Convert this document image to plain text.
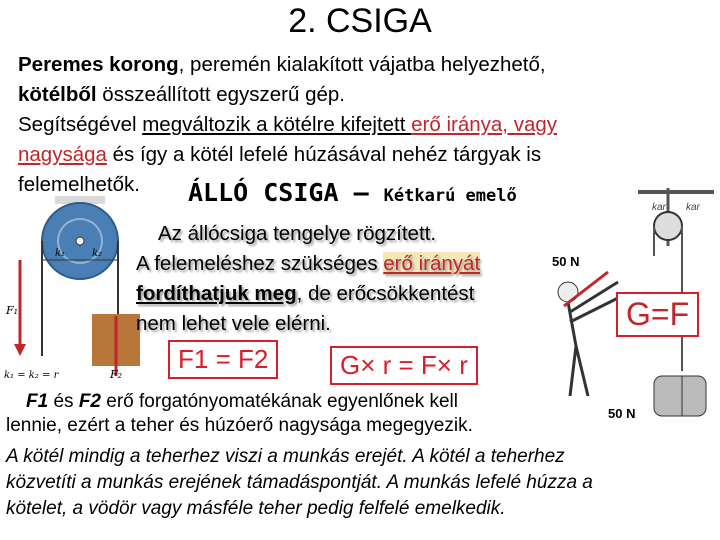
2. CSIGA
Peremes korong, peremén kialakított vájatba helyezhető,
kötélből összeállított egyszerű gép.
Segítségével megváltozik a kötélre kifejtett erő iránya, vagy
nagysága és így a kötél lefelé húzásával nehéz tárgyak is
felemelhetők.
k₁	k₂
F₁
F₂
k₁ = k₂ = r
ÁLLÓ CSIGA – Kétkarú emelő
Az állócsiga tengelye rögzített.
A felemeléshez szükséges erő irányát
fordíthatjuk meg, de erőcsökkentést
nem lehet vele elérni.
kar kar
50 N
50 N
G=F
F1 = F2	G× r = F× r
F1 és F2 erő forgatónyomatékának egyenlőnek kell
lennie, ezért a teher és húzóerő nagysága megegyezik.
A kötél mindig a teherhez viszi a munkás erejét. A kötél a teherhez
közvetíti a munkás erejének támadáspontját. A munkás lefelé húzza a
kötelet, a vödör vagy másféle teher pedig felfelé emelkedik.
